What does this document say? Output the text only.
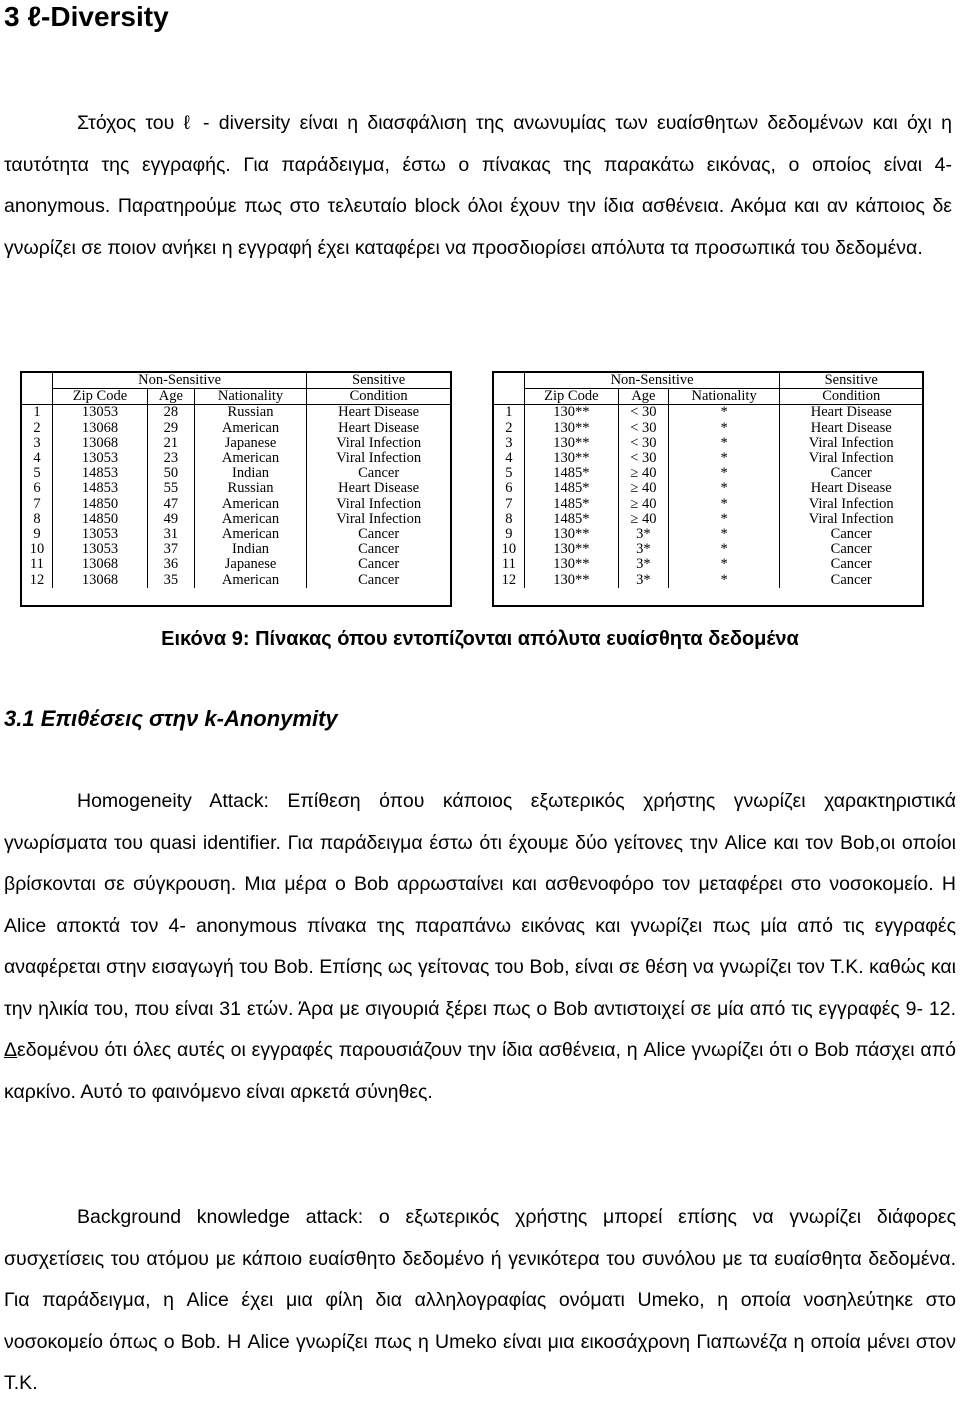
3 ℓ-Diversity

Στόχος του ℓ - diversity είναι η διασφάλιση της ανωνυμίας των ευαίσθητων δεδομένων και όχι η ταυτότητα της εγγραφής. Για παράδειγμα, έστω ο πίνακας της παρακάτω εικόνας, ο οποίος είναι 4- anonymous. Παρατηρούμε πως στο τελευταίο block όλοι έχουν την ίδια ασθένεια. Ακόμα και αν κάποιος δε γνωρίζει σε ποιον ανήκει η εγγραφή έχει καταφέρει να προσδιορίσει απόλυτα τα προσωπικά του δεδομένα.

	Non-Sensitive			Sensitive
	Zip Code	Age	Nationality	Condition
1	13053	28	Russian	Heart Disease
2	13068	29	American	Heart Disease
3	13068	21	Japanese	Viral Infection
4	13053	23	American	Viral Infection
5	14853	50	Indian	Cancer
6	14853	55	Russian	Heart Disease
7	14850	47	American	Viral Infection
8	14850	49	American	Viral Infection
9	13053	31	American	Cancer
10	13053	37	Indian	Cancer
11	13068	36	Japanese	Cancer
12	13068	35	American	Cancer
	Non-Sensitive			Sensitive
	Zip Code	Age	Nationality	Condition
1	130**	< 30	*	Heart Disease
2	130**	< 30	*	Heart Disease
3	130**	< 30	*	Viral Infection
4	130**	< 30	*	Viral Infection
5	1485*	≥ 40	*	Cancer
6	1485*	≥ 40	*	Heart Disease
7	1485*	≥ 40	*	Viral Infection
8	1485*	≥ 40	*	Viral Infection
9	130**	3*	*	Cancer
10	130**	3*	*	Cancer
11	130**	3*	*	Cancer
12	130**	3*	*	Cancer

Εικόνα 9: Πίνακας όπου εντοπίζονται απόλυτα ευαίσθητα δεδομένα

3.1 Επιθέσεις στην k-Anonymity

Homogeneity Attack: Επίθεση όπου κάποιος εξωτερικός χρήστης γνωρίζει χαρακτηριστικά γνωρίσματα του quasi identifier. Για παράδειγμα έστω ότι έχουμε δύο γείτονες την Alice και τον Bob,οι οποίοι βρίσκονται σε σύγκρουση. Μια μέρα ο Bob αρρωσταίνει και ασθενοφόρο τον μεταφέρει στο νοσοκομείο. Η Alice αποκτά τον 4- anonymous πίνακα της παραπάνω εικόνας και γνωρίζει πως μία από τις εγγραφές αναφέρεται στην εισαγωγή του Bob. Επίσης ως γείτονας του Bob, είναι σε θέση να γνωρίζει τον Τ.Κ. καθώς και την ηλικία του, που είναι 31 ετών. Άρα με σιγουριά ξέρει πως ο Bob αντιστοιχεί σε μία από τις εγγραφές 9- 12. Δεδομένου ότι όλες αυτές οι εγγραφές παρουσιάζουν την ίδια ασθένεια, η Alice γνωρίζει ότι ο Bob πάσχει από καρκίνο. Αυτό το φαινόμενο είναι αρκετά σύνηθες.

Background knowledge attack: ο εξωτερικός χρήστης μπορεί επίσης να γνωρίζει διάφορες συσχετίσεις του ατόμου με κάποιο ευαίσθητο δεδομένο ή γενικότερα του συνόλου με τα ευαίσθητα δεδομένα. Για παράδειγμα, η Alice έχει μια φίλη δια αλληλογραφίας ονόματι Umeko, η οποία νοσηλεύτηκε στο νοσοκομείο όπως ο Bob. Η Alice γνωρίζει πως η Umeko είναι μια εικοσάχρονη Γιαπωνέζα η οποία μένει στον Τ.Κ.
